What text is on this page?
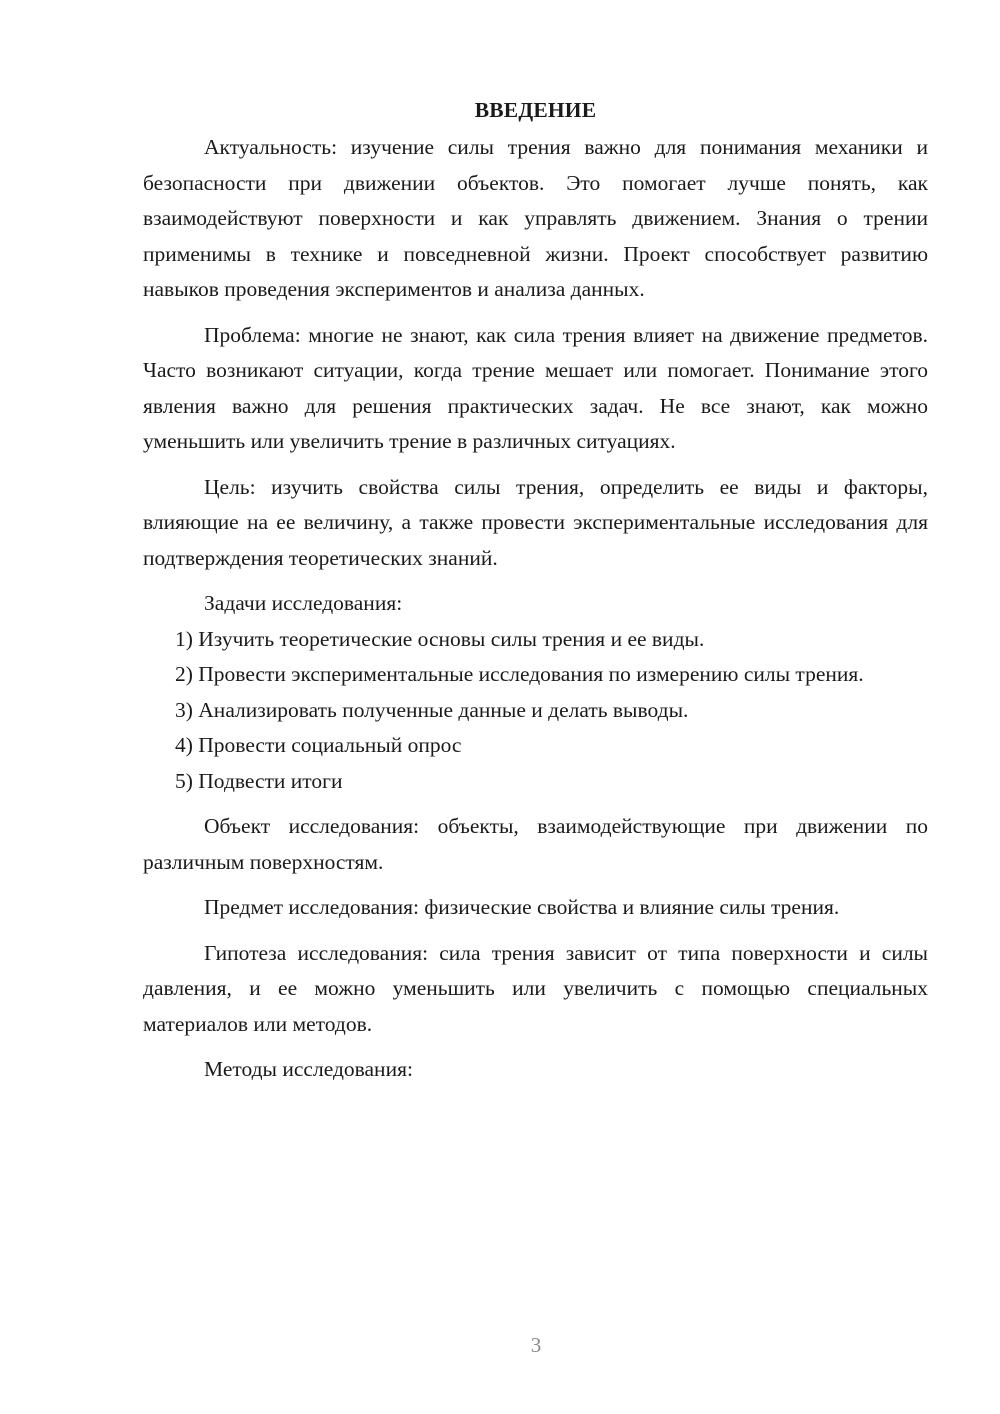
ВВЕДЕНИЕ

Актуальность: изучение силы трения важно для понимания механики и безопасности при движении объектов. Это помогает лучше понять, как взаимодействуют поверхности и как управлять движением. Знания о трении применимы в технике и повседневной жизни. Проект способствует развитию навыков проведения экспериментов и анализа данных.

Проблема: многие не знают, как сила трения влияет на движение предметов. Часто возникают ситуации, когда трение мешает или помогает. Понимание этого явления важно для решения практических задач. Не все знают, как можно уменьшить или увеличить трение в различных ситуациях.

Цель: изучить свойства силы трения, определить ее виды и факторы, влияющие на ее величину, а также провести экспериментальные исследования для подтверждения теоретических знаний.

Задачи исследования:

1) Изучить теоретические основы силы трения и ее виды.

2) Провести экспериментальные исследования по измерению силы трения.

3) Анализировать полученные данные и делать выводы.

4) Провести социальный опрос

5) Подвести итоги

Объект исследования: объекты, взаимодействующие при движении по различным поверхностям.

Предмет исследования: физические свойства и влияние силы трения.

Гипотеза исследования: сила трения зависит от типа поверхности и силы давления, и ее можно уменьшить или увеличить с помощью специальных материалов или методов.

Методы исследования:

3
